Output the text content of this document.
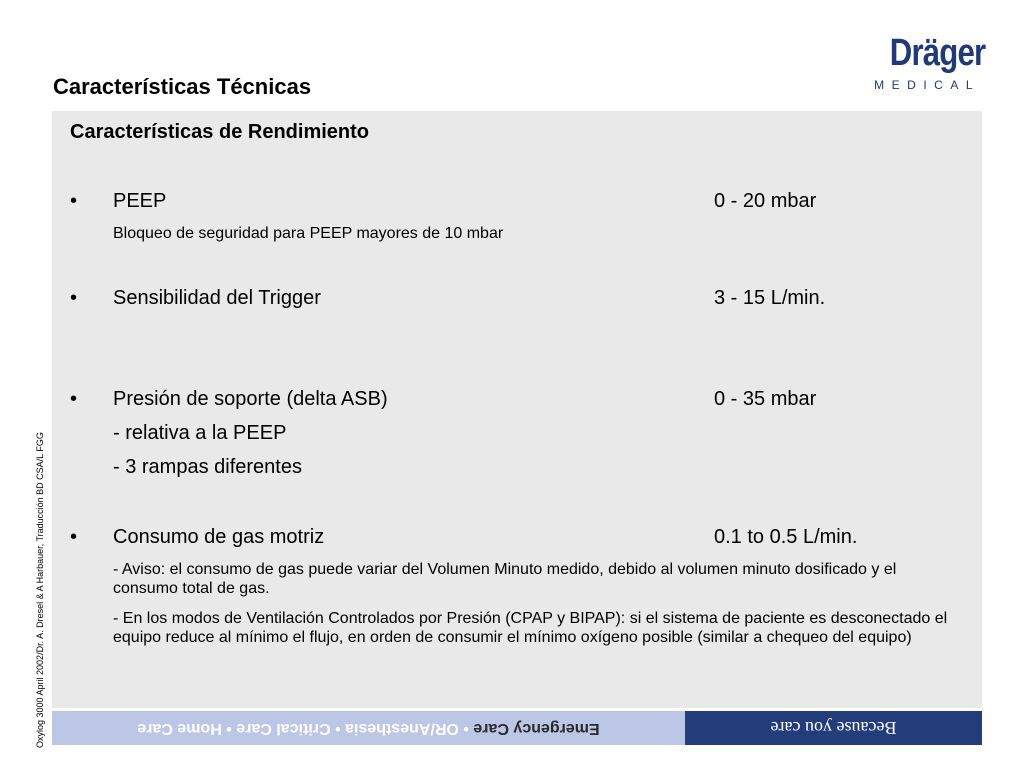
Dräger
MEDICAL
Características Técnicas
Características de Rendimiento
• PEEP	0 - 20 mbar
Bloqueo de seguridad para PEEP mayores de 10 mbar
• Sensibilidad del Trigger	3 - 15 L/min.
• Presión de soporte (delta ASB)	0 - 35 mbar
- relativa a la PEEP
- 3 rampas diferentes
• Consumo de gas motriz	0.1 to 0.5 L/min.
- Aviso: el consumo de gas puede variar del Volumen Minuto medido, debido al volumen minuto dosificado y el consumo total de gas.
- En los modos de Ventilación Controlados por Presión (CPAP y BIPAP): si el sistema de paciente es desconectado el equipo reduce al mínimo el flujo, en orden de consumir el mínimo oxígeno posible (similar a chequeo del equipo)
Oxylog 3000 April 2002/Dr. A. Dresel & A Harbauer, Traducción BD CSA/L FGG	Emergency Care • OR/Anesthesia • Critical Care • Home Care	Because you care
